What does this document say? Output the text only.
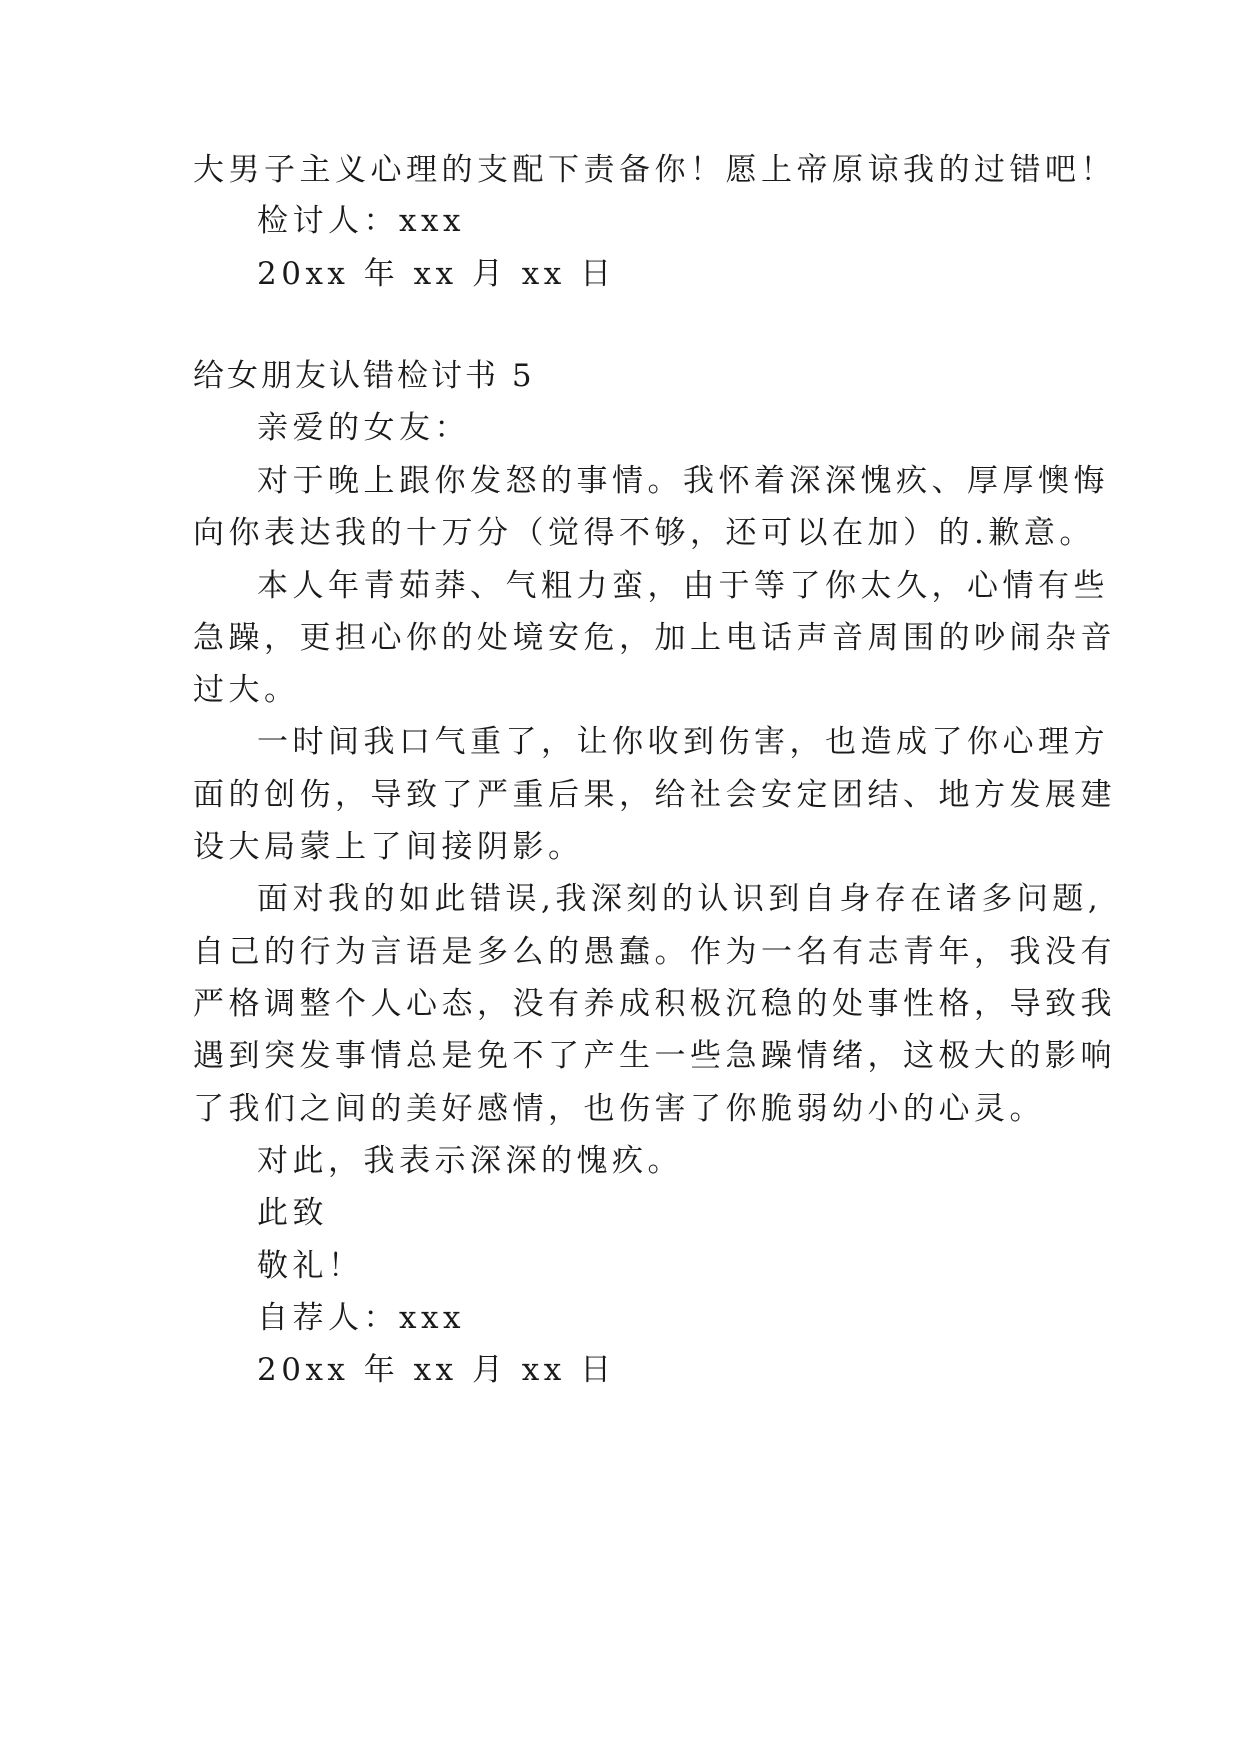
大男子主义心理的支配下责备你！愿上帝原谅我的过错吧！
检讨人：xxx
20xx 年 xx 月 xx 日
给女朋友认错检讨书 5
亲爱的女友：
对于晚上跟你发怒的事情。我怀着深深愧疚、厚厚懊悔
向你表达我的十万分（觉得不够，还可以在加）的.歉意。
本人年青茹莽、气粗力蛮，由于等了你太久，心情有些
急躁，更担心你的处境安危，加上电话声音周围的吵闹杂音
过大。
一时间我口气重了，让你收到伤害，也造成了你心理方
面的创伤，导致了严重后果，给社会安定团结、地方发展建
设大局蒙上了间接阴影。
面对我的如此错误,我深刻的认识到自身存在诸多问题,
自己的行为言语是多么的愚蠢。作为一名有志青年，我没有
严格调整个人心态，没有养成积极沉稳的处事性格，导致我
遇到突发事情总是免不了产生一些急躁情绪，这极大的影响
了我们之间的美好感情，也伤害了你脆弱幼小的心灵。
对此，我表示深深的愧疚。
此致
敬礼！
自荐人：xxx
20xx 年 xx 月 xx 日
